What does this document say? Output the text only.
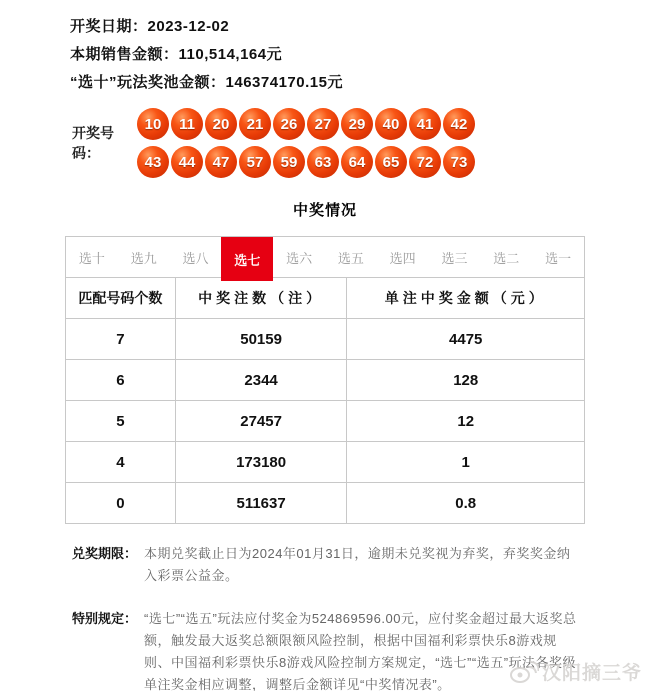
开奖日期：2023-12-02
本期销售金额：110,514,164元
“选十”玩法奖池金额：146374170.15元
开奖号码：
10	11	20	21	26	27	29	40	41	42
43	44	47	57	59	63	64	65	72	73
中奖情况
选十	选九	选八	选七	选六	选五	选四	选三	选二	选一
匹配号码个数	中奖注数（注）	单注中奖金额（元）
7	50159	4475
6	2344	128
5	27457	12
4	173180	1
0	511637	0.8
兑奖期限： 本期兑奖截止日为2024年01月31日，逾期未兑奖视为弃奖，弃奖奖金纳入彩票公益金。
特别规定： “选七”“选五”玩法应付奖金为524869596.00元，应付奖金超过最大返奖总额，触发最大返奖总额限额风险控制，根据中国福利彩票快乐8游戏规则、中国福利彩票快乐8游戏风险控制方案规定，“选七”“选五”玩法各奖级单注奖金相应调整，调整后金额详见“中奖情况表”。
汉阳摘三爷
